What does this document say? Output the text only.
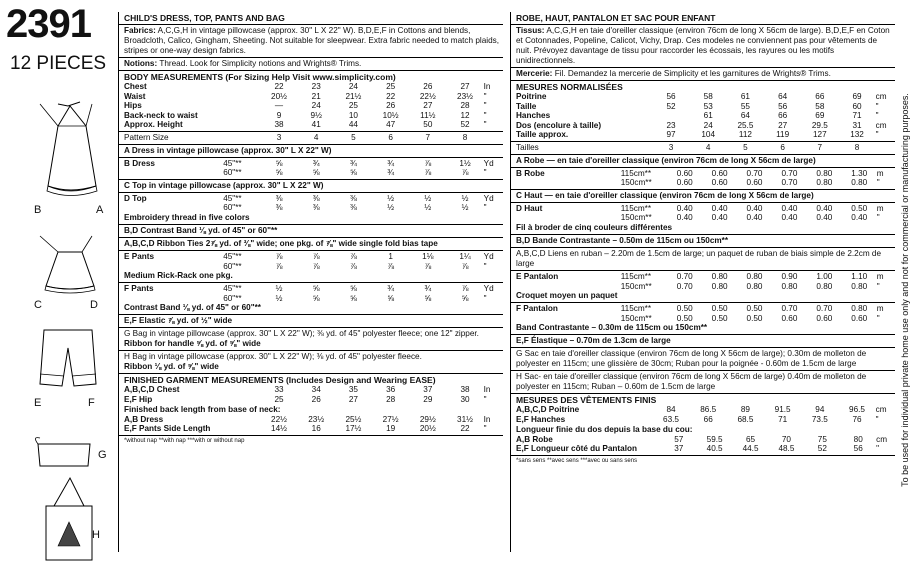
2391
12 PIECES
B	A
C	D
E	F
G
H
CHILD'S DRESS, TOP, PANTS AND BAG
Fabrics: A,C,G,H in vintage pillowcase (approx. 30" L X 22" W). B,D,E,F in Cottons and blends, Broadcloth, Calico, Gingham, Sheeting. Not suitable for sleepwear. Extra fabric needed to match plaids, stripes or one-way design fabrics.
Notions: Thread. Look for Simplicity notions and Wrights® Trims.
BODY MEASUREMENTS (For Sizing Help Visit www.simplicity.com)
Chest	22	23	24	25	26	27	In
Waist	20½	21	21½	22	22½	23½	"
Hips	—	24	25	26	27	28	"
Back-neck to waist	9	9½	10	10½	11½	12	"
Approx. Height	38	41	44	47	50	52	"
Pattern Size	3	4	5	6	7	8	
A Dress in vintage pillowcase (approx. 30" L X 22" W)
B Dress	45"**	⅝	¾	¾	¾	⅞	1½	Yd
	60"**	⅝	⅝	⅝	¾	⅞	⅞	"
C Top in vintage pillowcase (approx. 30" L X 22" W)
D Top	45"**	⅜	⅜	⅜	½	½	½	Yd
	60"**	⅜	⅜	⅜	½	½	½	"
Embroidery thread in five colors
B,D Contrast Band ⅛ yd. of 45" or 60"**
A,B,C,D Ribbon Ties 2⅞ yd. of ⅜" wide; one pkg. of ⅞" wide single fold bias tape
E Pants	45"**	⅞	⅞	⅞	1	1⅛	1¼	Yd
	60"**	⅞	⅞	⅞	⅞	⅞	⅞	"
Medium Rick-Rack one pkg.
F Pants	45"**	½	⅝	⅝	¾	¾	⅞	Yd
	60"**	½	⅝	⅝	⅝	⅝	⅝	"
Contrast Band ⅛ yd. of 45" or 60"**
E,F Elastic ⅞ yd. of ½" wide
G Bag in vintage pillowcase (approx. 30" L X 22" W); ⅜ yd. of 45" polyester fleece; one 12" zipper.
Ribbon for handle ⅝ yd. of ⅝" wide
H Bag in vintage pillowcase (approx. 30" L X 22" W); ⅜ yd. of 45" polyester fleece.
Ribbon ⅛ yd. of ⅝" wide
FINISHED GARMENT MEASUREMENTS (Includes Design and Wearing EASE)
A,B,C,D Chest	33	34	35	36	37	38	In
E,F Hip	25	26	27	28	29	30	"
Finished back length from base of neck:
A,B Dress	22½	23½	25½	27½	29½	31½	In
E,F Pants Side Length	14½	16	17½	19	20½	22	"
*without nap **with nap ***with or without nap
ROBE, HAUT, PANTALON ET SAC POUR ENFANT
Tissus: A,C,G,H en taie d'oreiller classique (environ 76cm de long X 56cm de large). B,D,E,F en Coton et Cotonnades, Popeline, Calicot, Vichy, Drap. Ces modeles ne conviennent pas pour vêtements de nuit. Prévoyez davantage de tissu pour raccorder les écossais, les rayures ou les motifs unidirectionnels.
Mercerie: Fil. Demandez la mercerie de Simplicity et les garnitures de Wrights® Trims.
MESURES NORMALISÉES
Poitrine	56	58	61	64	66	69	cm
Taille	52	53	55	56	58	60	"
Hanches		61	64	66	69	71	"
Dos (encolure à taille)	23	24	25.5	27	29.5	31	cm
Taille approx.	97	104	112	119	127	132	"
Tailles	3	4	5	6	7	8	
A Robe — en taie d'oreiller classique (environ 76cm de long X 56cm de large)
B Robe	115cm**	0.60	0.60	0.70	0.70	0.80	1.30	m
	150cm**	0.60	0.60	0.60	0.70	0.80	0.80	"
C Haut — en taie d'oreiller classique (environ 76cm de long X 56cm de large)
D Haut	115cm**	0.40	0.40	0.40	0.40	0.40	0.50	m
	150cm**	0.40	0.40	0.40	0.40	0.40	0.40	"
Fil à broder de cinq couleurs différentes
B,D Bande Contrastante – 0.50m de 115cm ou 150cm**
A,B,C,D Liens en ruban – 2.20m de 1.5cm de large; un paquet de ruban de biais simple de 2.2cm de large
E Pantalon	115cm**	0.70	0.80	0.80	0.90	1.00	1.10	m
	150cm**	0.70	0.80	0.80	0.80	0.80	0.80	"
Croquet moyen un paquet
F Pantalon	115cm**	0.50	0.50	0.50	0.70	0.70	0.80	m
	150cm**	0.50	0.50	0.50	0.60	0.60	0.60	"
Band Contrastante – 0.30m de 115cm ou 150cm**
E,F Élastique – 0.70m de 1.3cm de large
G Sac en taie d'oreiller classique (environ 76cm de long X 56cm de large); 0.30m de molleton de polyester en 115cm; une glissière de 30cm; Ruban pour la poignée - 0.60m de 1.5cm de large
H Sac- en taie d'oreiller classique (environ 76cm de long X 56cm de large) 0.40m de molleton de polyester en 115cm; Ruban – 0.60m de 1.5cm de large
MESURES DES VÊTEMENTS FINIS
A,B,C,D Poitrine	84	86.5	89	91.5	94	96.5	cm
E,F Hanches	63.5	66	68.5	71	73.5	76	"
Longueur finie du dos depuis la base du cou:
A,B Robe	57	59.5	65	70	75	80	cm
E,F Longueur côté du Pantalon	37	40.5	44.5	48.5	52	56	"
*sans sens **avec sens ***avec ou sans sens	To be used for individual private home use only and not for commercial or manufacturing purposes.
